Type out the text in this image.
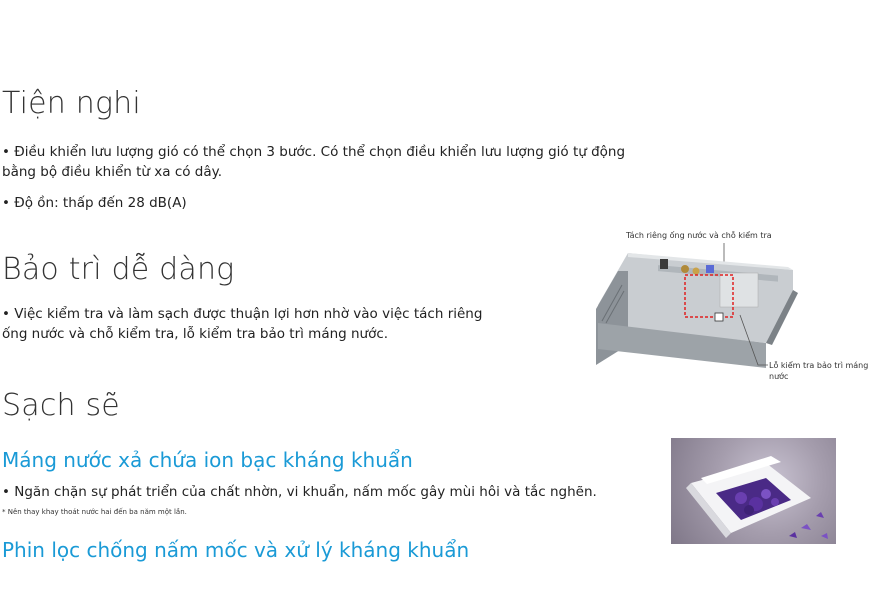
Tiện nghi
• Điều khiển lưu lượng gió có thể chọn 3 bước. Có thể chọn điều khiển lưu lượng gió tự động bằng bộ điều khiển từ xa có dây.
• Độ ồn: thấp đến 28 dB(A)
Bảo trì dễ dàng
• Việc kiểm tra và làm sạch được thuận lợi hơn nhờ vào việc tách riêng ống nước và chỗ kiểm tra, lỗ kiểm tra bảo trì máng nước.
Sạch sẽ
Máng nước xả chứa ion bạc kháng khuẩn
• Ngăn chặn sự phát triển của chất nhờn, vi khuẩn, nấm mốc gây mùi hôi và tắc nghẽn.
* Nên thay khay thoát nước hai đến ba năm một lần.
Phin lọc chống nấm mốc và xử lý kháng khuẩn
Tách riêng ống nước và chỗ kiểm tra
Lỗ kiểm tra bảo trì máng nước
